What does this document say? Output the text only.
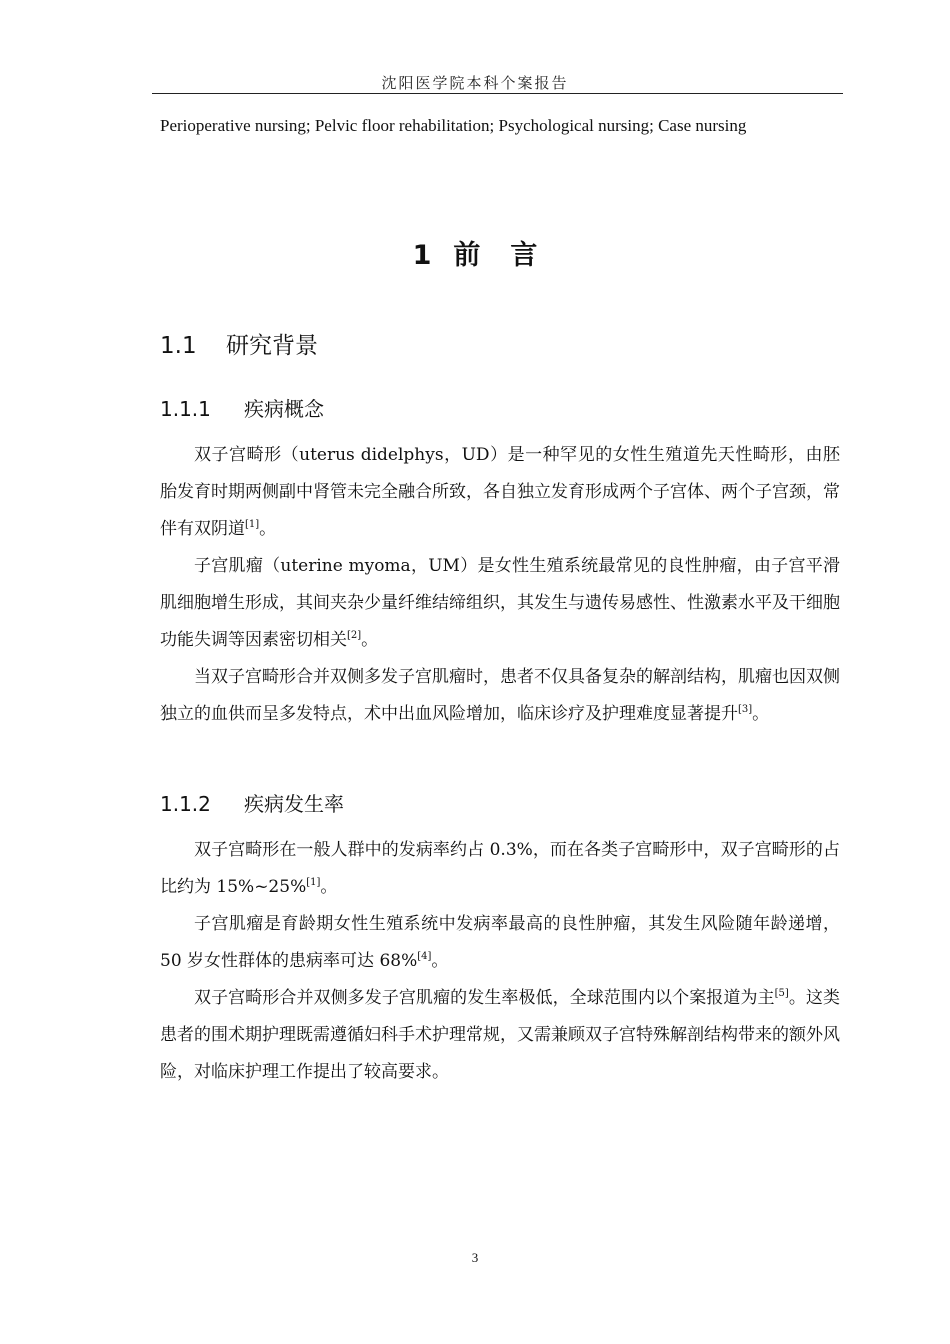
沈阳医学院本科个案报告
Perioperative nursing; Pelvic floor rehabilitation; Psychological nursing; Case nursing
1 前言
1.1 研究背景
1.1.1 疾病概念

双子宫畸形（uterus didelphys，UD）是一种罕见的女性生殖道先天性畸形，由胚胎发育时期两侧副中肾管未完全融合所致，各自独立发育形成两个子宫体、两个子宫颈，常伴有双阴道[1]。

子宫肌瘤（uterine myoma，UM）是女性生殖系统最常见的良性肿瘤，由子宫平滑肌细胞增生形成，其间夹杂少量纤维结缔组织，其发生与遗传易感性、性激素水平及干细胞功能失调等因素密切相关[2]。

当双子宫畸形合并双侧多发子宫肌瘤时，患者不仅具备复杂的解剖结构，肌瘤也因双侧独立的血供而呈多发特点，术中出血风险增加，临床诊疗及护理难度显著提升[3]。

1.1.2 疾病发生率

双子宫畸形在一般人群中的发病率约占 0.3%，而在各类子宫畸形中，双子宫畸形的占比约为 15%~25%[1]。

子宫肌瘤是育龄期女性生殖系统中发病率最高的良性肿瘤，其发生风险随年龄递增，50 岁女性群体的患病率可达 68%[4]。

双子宫畸形合并双侧多发子宫肌瘤的发生率极低，全球范围内以个案报道为主[5]。这类患者的围术期护理既需遵循妇科手术护理常规，又需兼顾双子宫特殊解剖结构带来的额外风险，对临床护理工作提出了较高要求。

3
